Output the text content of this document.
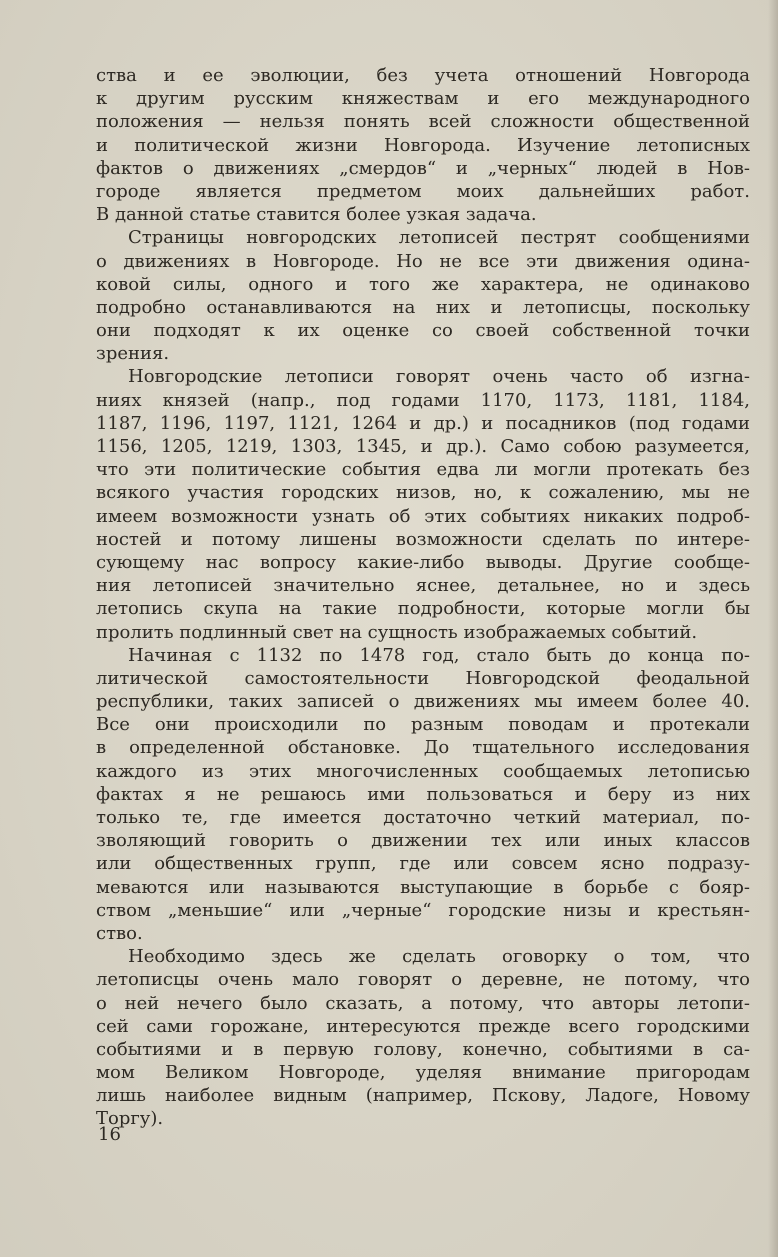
ства и ее эволюции, без учета отношений Новгорода
к другим русским княжествам и его международного
положения — нельзя понять всей сложности общественной
и политической жизни Новгорода. Изучение летописных
фактов о движениях „смердов“ и „черных“ людей в Нов-
городе является предметом моих дальнейших работ.
В данной статье ставится более узкая задача.
Страницы новгородских летописей пестрят сообщениями
о движениях в Новгороде. Но не все эти движения одина-
ковой силы, одного и того же характера, не одинаково
подробно останавливаются на них и летописцы, поскольку
они подходят к их оценке со своей собственной точки
зрения.
Новгородские летописи говорят очень часто об изгна-
ниях князей (напр., под годами 1170, 1173, 1181, 1184,
1187, 1196, 1197, 1121, 1264 и др.) и посадников (под годами
1156, 1205, 1219, 1303, 1345, и др.). Само собою разумеется,
что эти политические события едва ли могли протекать без
всякого участия городских низов, но, к сожалению, мы не
имеем возможности узнать об этих событиях никаких подроб-
ностей и потому лишены возможности сделать по интере-
сующему нас вопросу какие-либо выводы. Другие сообще-
ния летописей значительно яснее, детальнее, но и здесь
летопись скупа на такие подробности, которые могли бы
пролить подлинный свет на сущность изображаемых событий.
Начиная с 1132 по 1478 год, стало быть до конца по-
литической самостоятельности Новгородской феодальной
республики, таких записей о движениях мы имеем более 40.
Все они происходили по разным поводам и протекали
в определенной обстановке. До тщательного исследования
каждого из этих многочисленных сообщаемых летописью
фактах я не решаюсь ими пользоваться и беру из них
только те, где имеется достаточно четкий материал, по-
зволяющий говорить о движении тех или иных классов
или общественных групп, где или совсем ясно подразу-
меваются или называются выступающие в борьбе с бояр-
ством „меньшие“ или „черные“ городские низы и крестьян-
ство.
Необходимо здесь же сделать оговорку о том, что
летописцы очень мало говорят о деревне, не потому, что
о ней нечего было сказать, а потому, что авторы летопи-
сей сами горожане, интересуются прежде всего городскими
событиями и в первую голову, конечно, событиями в са-
мом Великом Новгороде, уделяя внимание пригородам
лишь наиболее видным (например, Пскову, Ладоге, Новому
Торгу).
16
